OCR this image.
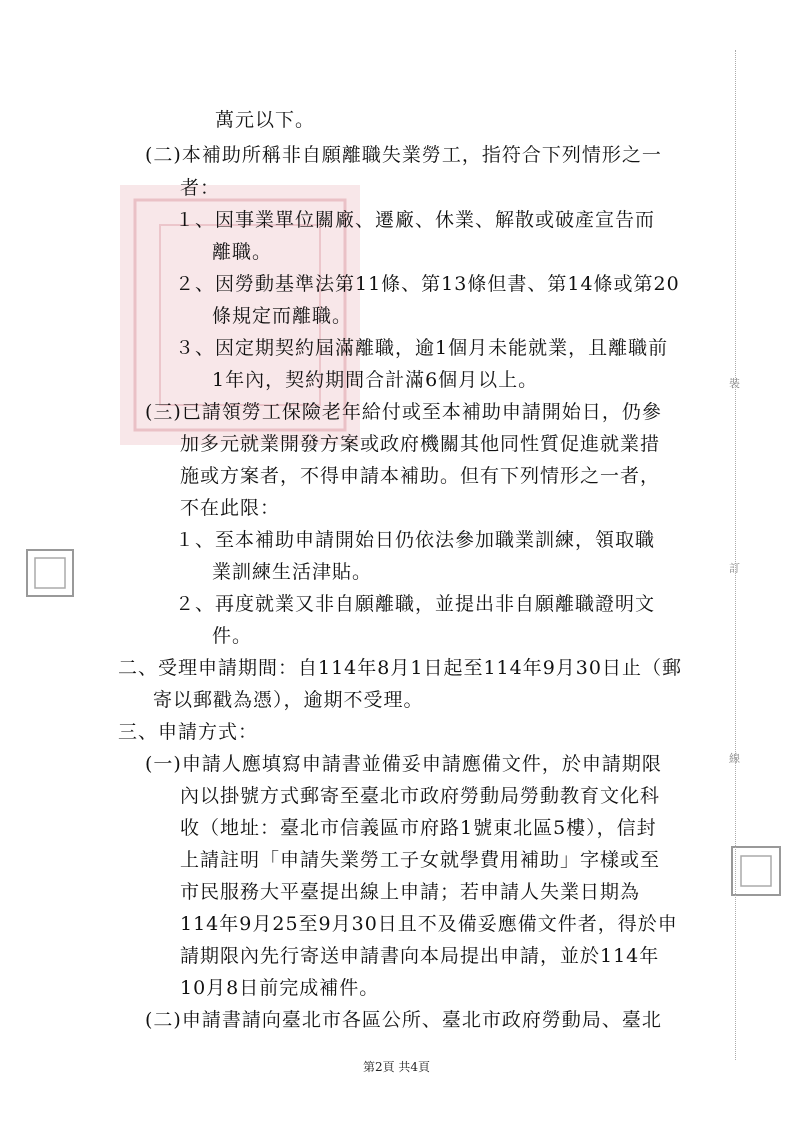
裝
訂
線
萬元以下。
(二)本補助所稱非自願離職失業勞工，指符合下列情形之一
者：
１、因事業單位關廠、遷廠、休業、解散或破產宣告而
離職。
２、因勞動基準法第11條、第13條但書、第14條或第20
條規定而離職。
３、因定期契約屆滿離職，逾1個月未能就業，且離職前
1年內，契約期間合計滿6個月以上。
(三)已請領勞工保險老年給付或至本補助申請開始日，仍參
加多元就業開發方案或政府機關其他同性質促進就業措
施或方案者，不得申請本補助。但有下列情形之一者，
不在此限：
１、至本補助申請開始日仍依法參加職業訓練，領取職
業訓練生活津貼。
２、再度就業又非自願離職，並提出非自願離職證明文
件。
二、受理申請期間：自114年8月1日起至114年9月30日止（郵
寄以郵戳為憑），逾期不受理。
三、申請方式：
(一)申請人應填寫申請書並備妥申請應備文件，於申請期限
內以掛號方式郵寄至臺北市政府勞動局勞動教育文化科
收（地址：臺北市信義區市府路1號東北區5樓），信封
上請註明「申請失業勞工子女就學費用補助」字樣或至
市民服務大平臺提出線上申請；若申請人失業日期為
114年9月25至9月30日且不及備妥應備文件者，得於申
請期限內先行寄送申請書向本局提出申請，並於114年
10月8日前完成補件。
(二)申請書請向臺北市各區公所、臺北市政府勞動局、臺北
第2頁 共4頁
